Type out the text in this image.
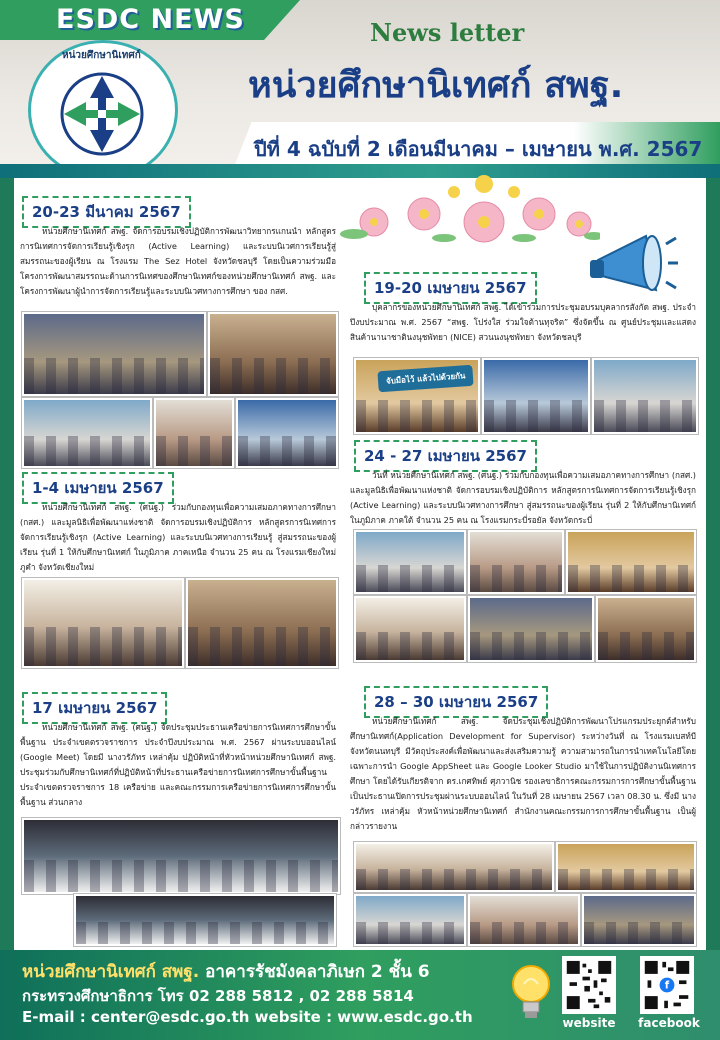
ESDC NEWS
หน่วยศึกษานิเทศก์
News letter
หน่วยศึกษานิเทศก์ สพฐ.
ปีที่ 4 ฉบับที่ 2 เดือนมีนาคม – เมษายน พ.ศ. 2567
20-23 มีนาคม 2567
หน่วยศึกษานิเทศก์ สพฐ. จัดการอบรมเชิงปฏิบัติการพัฒนาวิทยากรแกนนำ หลักสูตรการนิเทศการจัดการเรียนรู้เชิงรุก (Active Learning) และระบบนิเวศการเรียนรู้สู่สมรรถนะของผู้เรียน ณ โรงแรม The Sez Hotel จังหวัดชลบุรี โดยเป็นความร่วมมือโครงการพัฒนาสมรรถนะด้านการนิเทศของศึกษานิเทศก์ของหน่วยศึกษานิเทศก์ สพฐ. และโครงการพัฒนาผู้นำการจัดการเรียนรู้และระบบนิเวศทางการศึกษา ของ กสศ.	19-20 เมษายน 2567
บุคลากรของหน่วยศึกษานิเทศก์ สพฐ. ได้เข้าร่วมการประชุมอบรมบุคลากรสังกัด สพฐ. ประจำปีงบประมาณ พ.ศ. 2567 “สพฐ. โปร่งใส ร่วมใจต้านทุจริต” ซึ่งจัดขึ้น ณ ศูนย์ประชุมและแสดงสินค้านานาชาตินงนุชพัทยา (NICE) สวนนงนุชพัทยา จังหวัดชลบุรี
จับมือไว้ แล้วไปด้วยกัน
1-4 เมษายน 2567
หน่วยศึกษานิเทศก์ สพฐ. (ศนฐ.) ร่วมกับกองทุนเพื่อความเสมอภาคทางการศึกษา (กสศ.) และมูลนิธิเพื่อพัฒนาแห่งชาติ จัดการอบรมเชิงปฏิบัติการ หลักสูตรการนิเทศการจัดการเรียนรู้เชิงรุก (Active Learning) และระบบนิเวศทางการเรียนรู้ สู่สมรรถนะของผู้เรียน รุ่นที่ 1 ให้กับศึกษานิเทศก์ ในภูมิภาค ภาคเหนือ จำนวน 25 คน ณ โรงแรมเชียงใหม่ภูคำ จังหวัดเชียงใหม่
24 - 27 เมษายน 2567
วันที่ หน่วยศึกษานิเทศก์ สพฐ. (ศนฐ.) ร่วมกับกองทุนเพื่อความเสมอภาคทางการศึกษา (กสศ.) และมูลนิธิเพื่อพัฒนาแห่งชาติ จัดการอบรมเชิงปฏิบัติการ หลักสูตรการนิเทศการจัดการเรียนรู้เชิงรุก (Active Learning) และระบบนิเวศทางการศึกษา สู่สมรรถนะของผู้เรียน รุ่นที่ 2 ให้กับศึกษานิเทศก์ ในภูมิภาค ภาคใต้ จำนวน 25 คน ณ โรงแรมกระบี่รอยัล จังหวัดกระบี่
17 เมษายน 2567
หน่วยศึกษานิเทศก์ สพฐ. (ศนฐ.) จัดประชุมประธานเครือข่ายการนิเทศการศึกษาขั้นพื้นฐาน ประจำเขตตรวจราชการ ประจำปีงบประมาณ พ.ศ. 2567 ผ่านระบบออนไลน์ (Google Meet) โดยมี นางวรัภัทร เหล่าคุ้ม ปฏิบัติหน้าที่หัวหน้าหน่วยศึกษานิเทศก์ สพฐ. ประชุมร่วมกับศึกษานิเทศก์ที่ปฏิบัติหน้าที่ประธานเครือข่ายการนิเทศการศึกษาขั้นพื้นฐาน ประจำเขตตรวจราชการ 18 เครือข่าย และคณะกรรมการเครือข่ายการนิเทศการศึกษาขั้นพื้นฐาน ส่วนกลาง
28 – 30 เมษายน 2567
หน่วยศึกษานิเทศก์ สพฐ. จัดประชุมเชิงปฏิบัติการพัฒนาโปรแกรมประยุกต์สำหรับศึกษานิเทศก์(Application Development for Supervisor) ระหว่างวันที่ ณ โรงแรมเบสท์บี จังหวัดนนทบุรี มีวัตถุประสงค์เพื่อพัฒนาและส่งเสริมความรู้ ความสามารถในการนำเทคโนโลยีโดยเฉพาะการนำ Google AppSheet และ Google Looker Studio มาใช้ในการปฏิบัติงานนิเทศการศึกษา โดยได้รับเกียรติจาก ดร.เกศทิพย์ ศุภวานิช รองเลขาธิการคณะกรรมการการศึกษาขั้นพื้นฐาน เป็นประธานเปิดการประชุมผ่านระบบออนไลน์ ในวันที่ 28 เมษายน 2567 เวลา 08.30 น. ซึ่งมี นางวรัภัทร เหล่าคุ้ม หัวหน้าหน่วยศึกษานิเทศก์ สำนักงานคณะกรรมการการศึกษาขั้นพื้นฐาน เป็นผู้กล่าวรายงาน
หน่วยศึกษานิเทศก์ สพฐ. อาคารรัชมังคลาภิเษก 2 ชั้น 6
กระทรวงศึกษาธิการ โทร 02 288 5812 , 02 288 5814
E-mail : center@esdc.go.th website : www.esdc.go.th	website
f
facebook
